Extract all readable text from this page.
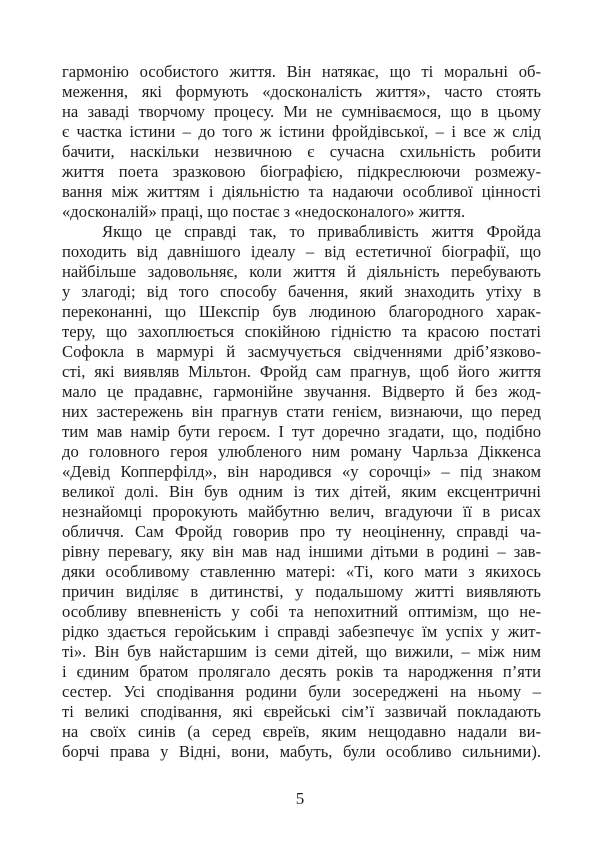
гармонію особистого життя. Він натякає, що ті моральні об-
меження, які формують «досконалість життя», часто стоять
на заваді творчому процесу. Ми не сумніваємося, що в цьому
є частка істини – до того ж істини фройдівської, – і все ж слід
бачити, наскільки незвичною є сучасна схильність робити
життя поета зразковою біографією, підкреслюючи розмежу-
вання між життям і діяльністю та надаючи особливої цінності
«досконалій» праці, що постає з «недосконалого» життя.
Якщо це справді так, то привабливість життя Фройда
походить від давнішого ідеалу – від естетичної біографії, що
найбільше задовольняє, коли життя й діяльність перебувають
у злагоді; від того способу бачення, який знаходить утіху в
переконанні, що Шекспір був людиною благородного харак-
теру, що захоплюється спокійною гідністю та красою постаті
Софокла в мармурі й засмучується свідченнями дріб’язково-
сті, які виявляв Мільтон. Фройд сам прагнув, щоб його життя
мало це прадавнє, гармонійне звучання. Відверто й без жод-
них застережень він прагнув стати генієм, визнаючи, що перед
тим мав намір бути героєм. І тут доречно згадати, що, подібно
до головного героя улюбленого ним роману Чарльза Діккенса
«Девід Копперфілд», він народився «у сорочці» – під знаком
великої долі. Він був одним із тих дітей, яким ексцентричні
незнайомці пророкують майбутню велич, вгадуючи її в рисах
обличчя. Сам Фройд говорив про ту неоціненну, справді ча-
рівну перевагу, яку він мав над іншими дітьми в родині – зав-
дяки особливому ставленню матері: «Ті, кого мати з якихось
причин виділяє в дитинстві, у подальшому житті виявляють
особливу впевненість у собі та непохитний оптимізм, що не-
рідко здається геройським і справді забезпечує їм успіх у жит-
ті». Він був найстаршим із семи дітей, що вижили, – між ним
і єдиним братом пролягало десять років та народження п’яти
сестер. Усі сподівання родини були зосереджені на ньому –
ті великі сподівання, які єврейські сім’ї зазвичай покладають
на своїх синів (а серед євреїв, яким нещодавно надали ви-
борчі права у Відні, вони, мабуть, були особливо сильними).
5
